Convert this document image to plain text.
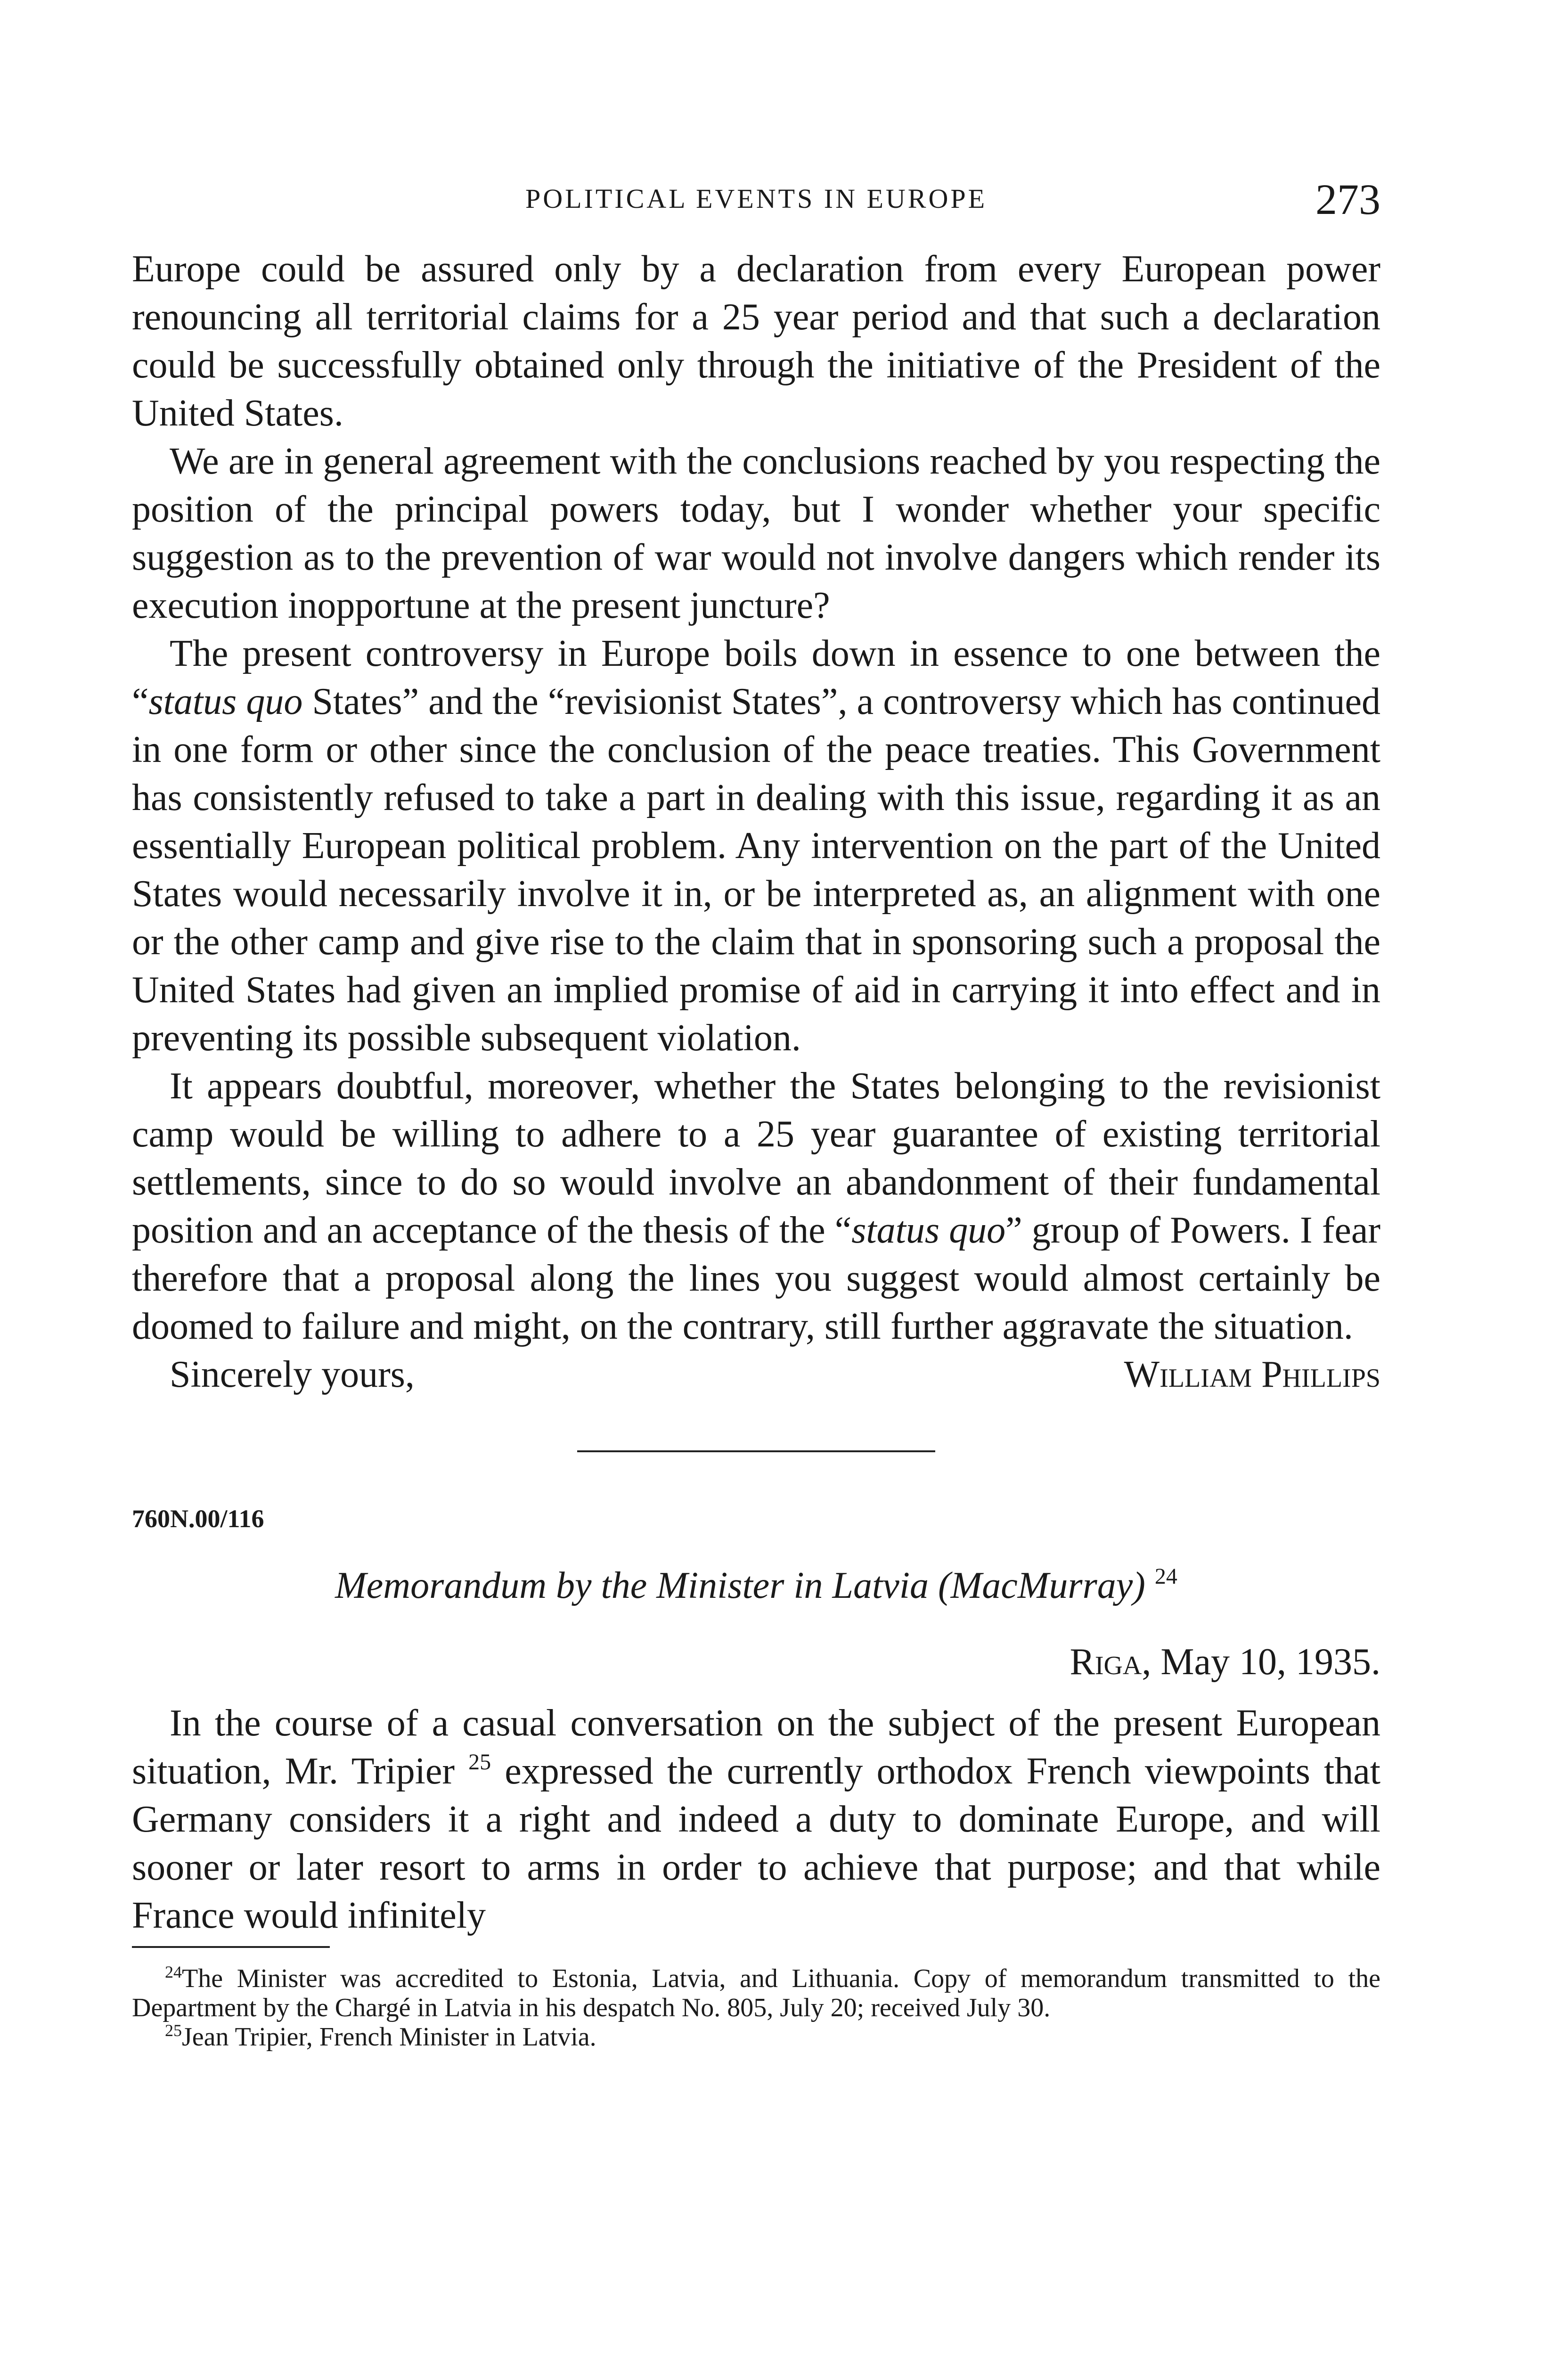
POLITICAL EVENTS IN EUROPE	273

Europe could be assured only by a declaration from every European power renouncing all territorial claims for a 25 year period and that such a declaration could be successfully obtained only through the initiative of the President of the United States.

We are in general agreement with the conclusions reached by you respecting the position of the principal powers today, but I wonder whether your specific suggestion as to the prevention of war would not involve dangers which render its execution inopportune at the present juncture?

The present controversy in Europe boils down in essence to one between the “status quo States” and the “revisionist States”, a controversy which has continued in one form or other since the conclusion of the peace treaties. This Government has consistently refused to take a part in dealing with this issue, regarding it as an essentially European political problem. Any intervention on the part of the United States would necessarily involve it in, or be interpreted as, an alignment with one or the other camp and give rise to the claim that in sponsoring such a proposal the United States had given an implied promise of aid in carrying it into effect and in preventing its possible subsequent violation.

It appears doubtful, moreover, whether the States belonging to the revisionist camp would be willing to adhere to a 25 year guarantee of existing territorial settlements, since to do so would involve an abandonment of their fundamental position and an acceptance of the thesis of the “status quo” group of Powers. I fear therefore that a proposal along the lines you suggest would almost certainly be doomed to failure and might, on the contrary, still further aggravate the situation.

Sincerely yours,	William Phillips
760N.00/116
Memorandum by the Minister in Latvia (MacMurray) $^{24}$
Riga, May 10, 1935.

In the course of a casual conversation on the subject of the present European situation, Mr. Tripier $^{25}$ expressed the currently orthodox French viewpoints that Germany considers it a right and indeed a duty to dominate Europe, and will sooner or later resort to arms in order to achieve that purpose; and that while France would infinitely

$^{24}$The Minister was accredited to Estonia, Latvia, and Lithuania. Copy of memorandum transmitted to the Department by the Chargé in Latvia in his despatch No. 805, July 20; received July 30.

$^{25}$Jean Tripier, French Minister in Latvia.
